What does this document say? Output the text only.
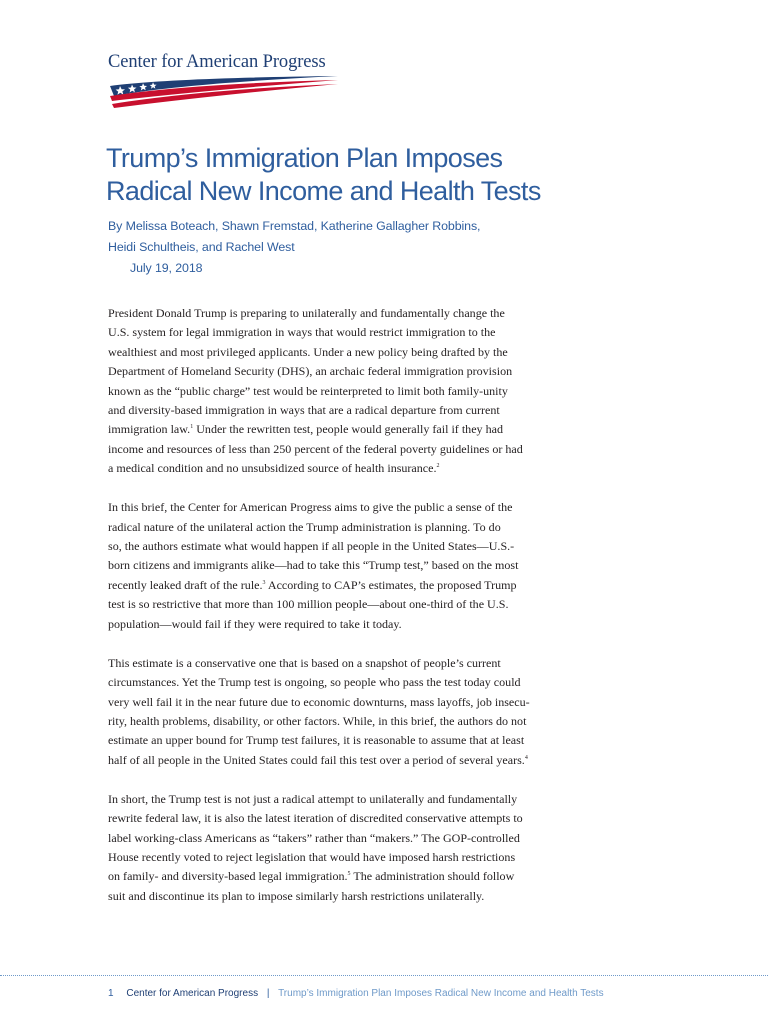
Center for American Progress
Trump’s Immigration Plan Imposes
Radical New Income and Health Tests
By Melissa Boteach, Shawn Fremstad, Katherine Gallagher Robbins,
Heidi Schultheis, and Rachel West
July 19, 2018

President Donald Trump is preparing to unilaterally and fundamentally change the
U.S. system for legal immigration in ways that would restrict immigration to the
wealthiest and most privileged applicants. Under a new policy being drafted by the
Department of Homeland Security (DHS), an archaic federal immigration provision
known as the “public charge” test would be reinterpreted to limit both family-unity
and diversity-based immigration in ways that are a radical departure from current
immigration law.$^1$ Under the rewritten test, people would generally fail if they had
income and resources of less than 250 percent of the federal poverty guidelines or had
a medical condition and no unsubsidized source of health insurance.$^2$

In this brief, the Center for American Progress aims to give the public a sense of the
radical nature of the unilateral action the Trump administration is planning. To do
so, the authors estimate what would happen if all people in the United States—U.S.-
born citizens and immigrants alike—had to take this “Trump test,” based on the most
recently leaked draft of the rule.$^3$ According to CAP’s estimates, the proposed Trump
test is so restrictive that more than 100 million people—about one-third of the U.S.
population—would fail if they were required to take it today.

This estimate is a conservative one that is based on a snapshot of people’s current
circumstances. Yet the Trump test is ongoing, so people who pass the test today could
very well fail it in the near future due to economic downturns, mass layoffs, job insecu-
rity, health problems, disability, or other factors. While, in this brief, the authors do not
estimate an upper bound for Trump test failures, it is reasonable to assume that at least
half of all people in the United States could fail this test over a period of several years.$^4$

In short, the Trump test is not just a radical attempt to unilaterally and fundamentally
rewrite federal law, it is also the latest iteration of discredited conservative attempts to
label working-class Americans as “takers” rather than “makers.” The GOP-controlled
House recently voted to reject legislation that would have imposed harsh restrictions
on family- and diversity-based legal immigration.$^5$ The administration should follow
suit and discontinue its plan to impose similarly harsh restrictions unilaterally.

1 Center for American Progress | Trump’s Immigration Plan Imposes Radical New Income and Health Tests
